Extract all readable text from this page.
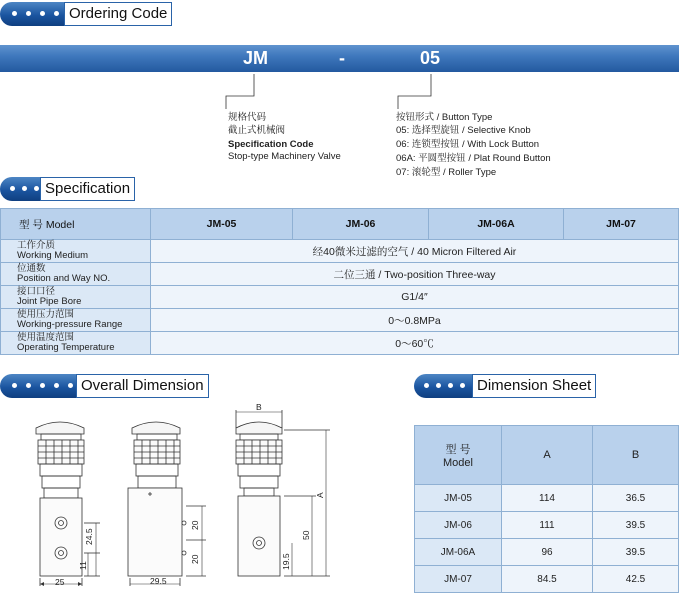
Ordering Code
JM	-	05
规格代码
截止式机械阀
Specification Code
Stop-type Machinery Valve
按钮形式 / Button Type
05: 选择型旋钮 / Selective Knob
06: 连锁型按钮 / With Lock Button
06A: 平圆型按钮 / Plat Round Button
07: 滚轮型 / Roller Type
Specification
型 号 Model	JM-05	JM-06	JM-06A	JM-07

工作介质
Working Medium	经40微米过滤的空气 / 40 Micron Filtered Air			

位通数
Position and Way NO.	二位三通 / Two-position Three-way			

接口口径
Joint Pipe Bore	G1/4″			

使用压力范围
Working-pressure Range	0～0.8MPa			

使用温度范围
Operating Temperature	0～60℃			
Overall Dimension	Dimension Sheet
25	29.5
24.5
11
20
20	19.5
50
A
B
型 号
Model	A	B
JM-05	114	36.5
JM-06	111	39.5
JM-06A	96	39.5
JM-07	84.5	42.5
